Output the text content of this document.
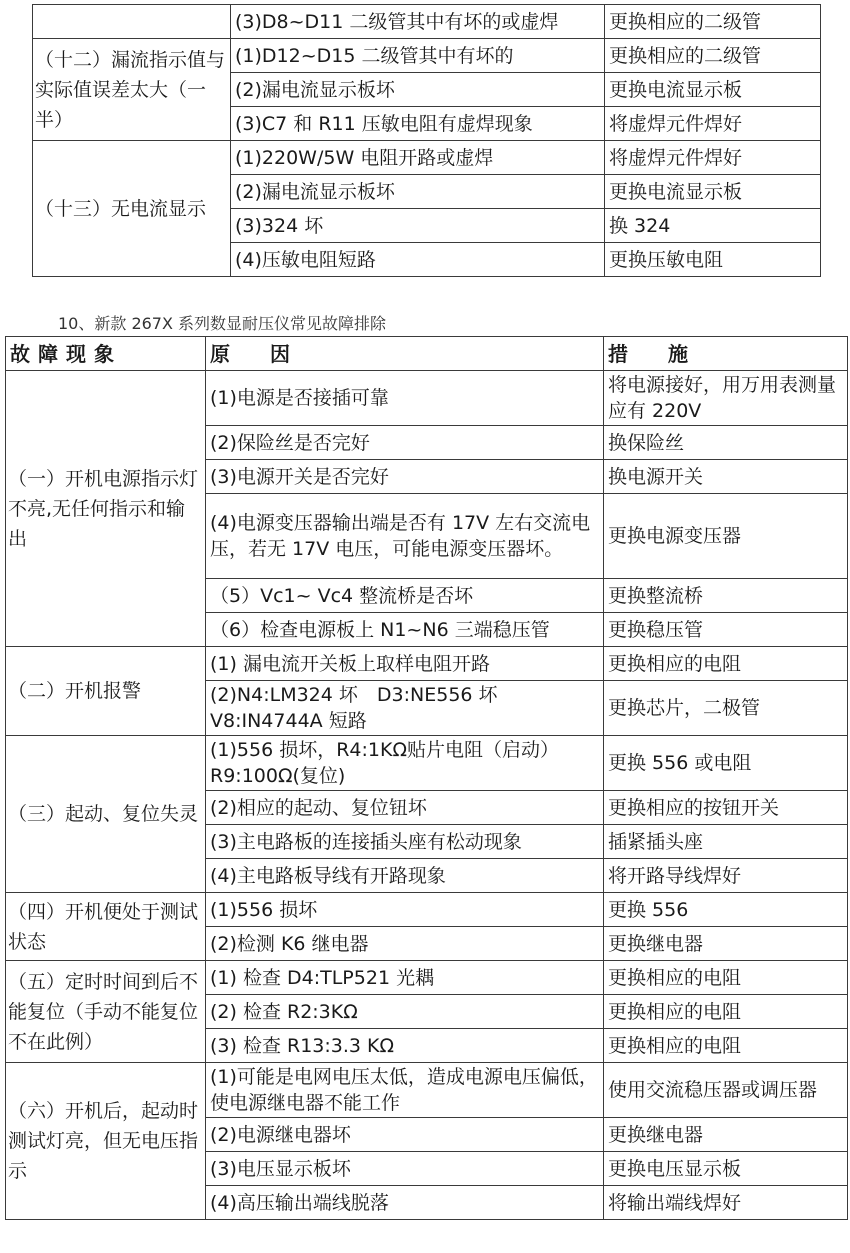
	(3)D8~D11 二级管其中有坏的或虚焊	更换相应的二级管
（十二）漏流指示值与实际值误差太大（一半）	(1)D12~D15 二级管其中有坏的	更换相应的二级管
	(2)漏电流显示板坏	更换电流显示板
	(3)C7 和 R11 压敏电阻有虚焊现象	将虚焊元件焊好
（十三）无电流显示	(1)220W/5W 电阻开路或虚焊	将虚焊元件焊好
	(2)漏电流显示板坏	更换电流显示板
	(3)324 坏	换 324
	(4)压敏电阻短路	更换压敏电阻
10、新款 267X 系列数显耐压仪常见故障排除
故障现象	原　　因	措　　施
（一）开机电源指示灯不亮,无任何指示和输出	(1)电源是否接插可靠	将电源接好，用万用表测量应有 220V
	(2)保险丝是否完好	换保险丝
	(3)电源开关是否完好	换电源开关
	(4)电源变压器输出端是否有 17V 左右交流电压，若无 17V 电压，可能电源变压器坏。	更换电源变压器
	（5）Vc1~ Vc4 整流桥是否坏	更换整流桥
	（6）检查电源板上 N1~N6 三端稳压管	更换稳压管
（二）开机报警	(1) 漏电流开关板上取样电阻开路	更换相应的电阻
	(2)N4:LM324 坏　D3:NE556 坏 V8:IN4744A 短路	更换芯片，二极管
（三）起动、复位失灵	(1)556 损坏，R4:1KΩ贴片电阻（启动）R9:100Ω(复位)	更换 556 或电阻
	(2)相应的起动、复位钮坏	更换相应的按钮开关
	(3)主电路板的连接插头座有松动现象	插紧插头座
	(4)主电路板导线有开路现象	将开路导线焊好
（四）开机便处于测试状态	(1)556 损坏	更换 556
	(2)检测 K6 继电器	更换继电器
（五）定时时间到后不能复位（手动不能复位不在此例）	(1) 检查 D4:TLP521 光耦	更换相应的电阻
	(2) 检查 R2:3KΩ	更换相应的电阻
	(3) 检查 R13:3.3 KΩ	更换相应的电阻
（六）开机后，起动时测试灯亮，但无电压指示	(1)可能是电网电压太低，造成电源电压偏低，使电源继电器不能工作	使用交流稳压器或调压器
	(2)电源继电器坏	更换继电器
	(3)电压显示板坏	更换电压显示板
	(4)高压输出端线脱落	将输出端线焊好
